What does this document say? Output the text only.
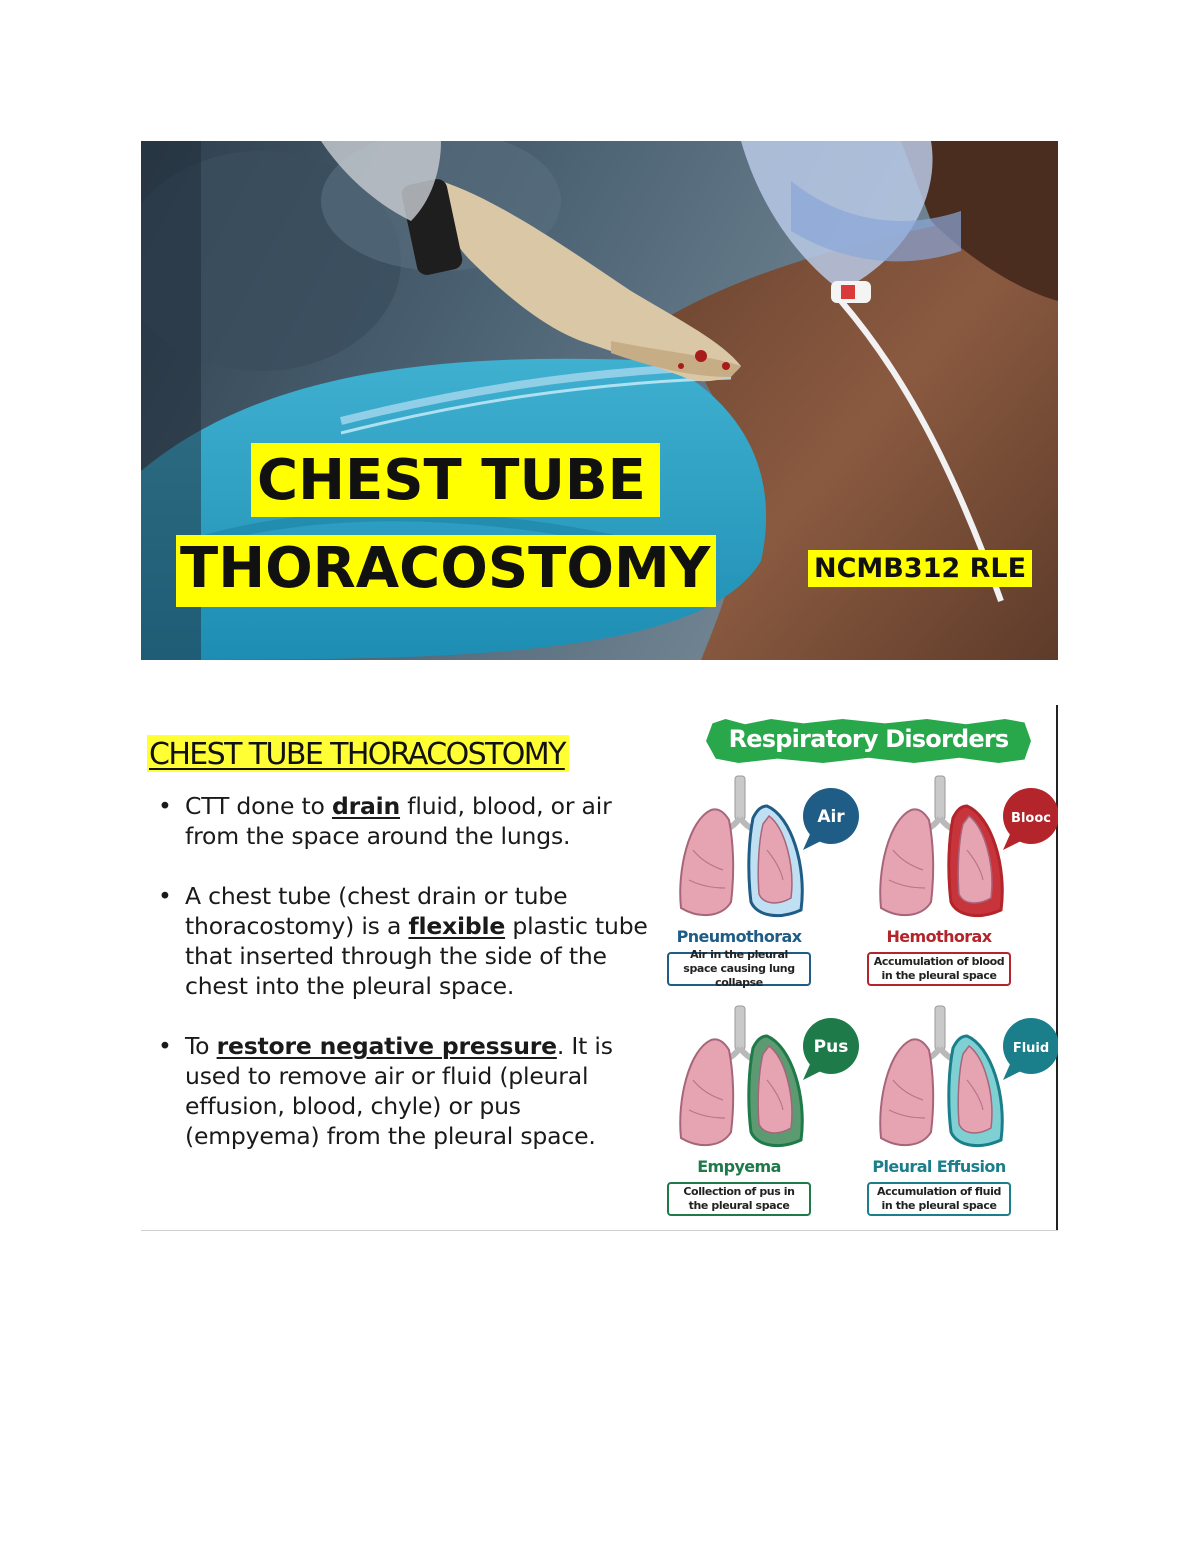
CHEST TUBE
THORACOSTOMY	NCMB312 RLE
CHEST TUBE THORACOSTOMY
• CTT done to drain fluid, blood, or air from the space around the lungs.
• A chest tube (chest drain or tube thoracostomy) is a flexible plastic tube that inserted through the side of the chest into the pleural space.
• To restore negative pressure. It is used to remove air or fluid (pleural effusion, blood, chyle) or pus (empyema) from the pleural space.
Respiratory Disorders
Air
Pneumothorax
Air in the pleural space causing lung collapse
Blooc
Hemothorax
Accumulation of blood in the pleural space
Pus
Empyema
Collection of pus in the pleural space
Fluid
Pleural Effusion
Accumulation of fluid in the pleural space
